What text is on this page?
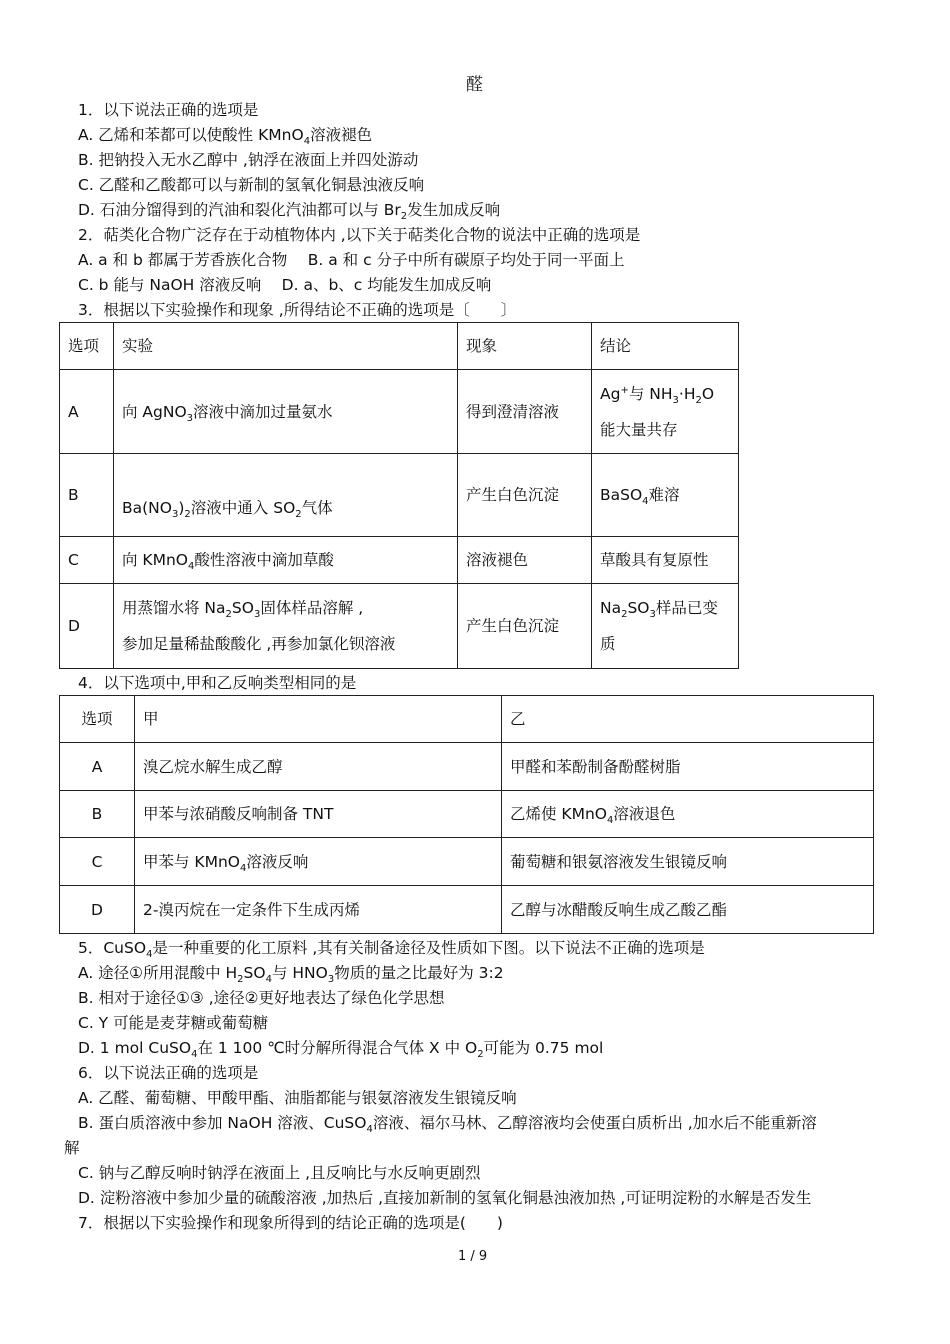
醛
1．以下说法正确的选项是
A. 乙烯和苯都可以使酸性 KMnO$_4$溶液褪色
B. 把钠投入无水乙醇中 ,钠浮在液面上并四处游动
C. 乙醛和乙酸都可以与新制的氢氧化铜悬浊液反响
D. 石油分馏得到的汽油和裂化汽油都可以与 $Br_2$发生加成反响
2．萜类化合物广泛存在于动植物体内 ,以下关于萜类化合物的说法中正确的选项是
A. a 和 b 都属于芳香族化合物　 B. a 和 c 分子中所有碳原子均处于同一平面上
C. b 能与 NaOH 溶液反响　 D. a、b、c 均能发生加成反响
3．根据以下实验操作和现象 ,所得结论不正确的选项是〔　　〕
选项	实验	现象	结论
A	向 AgNO$_3$溶液中滴加过量氨水	得到澄清溶液	Ag+与 $NH_3\cdot H_2O$
能大量共存
B	$Ba(NO_3)_2$溶液中通入 $SO_2$气体	产生白色沉淀	BaSO$_4$难溶
C	向 KMnO$_4$酸性溶液中滴加草酸	溶液褪色	草酸具有复原性
D	用蒸馏水将 $Na_2SO_3$固体样品溶解 ,
参加足量稀盐酸酸化 ,再参加氯化钡溶液	产生白色沉淀	$Na_2SO_3$样品已变
质
4．以下选项中,甲和乙反响类型相同的是
选项	甲	乙
A	溴乙烷水解生成乙醇	甲醛和苯酚制备酚醛树脂
B	甲苯与浓硝酸反响制备 TNT	乙烯使 KMnO$_4$溶液退色
C	甲苯与 KMnO$_4$溶液反响	葡萄糖和银氨溶液发生银镜反响
D	2-溴丙烷在一定条件下生成丙烯	乙醇与冰醋酸反响生成乙酸乙酯
5．CuSO$_4$是一种重要的化工原料 ,其有关制备途径及性质如下图。以下说法不正确的选项是
A. 途径①所用混酸中 $H_2SO_4$与 $HNO_3$物质的量之比最好为 3:2
B. 相对于途径①③ ,途径②更好地表达了绿色化学思想
C. Y 可能是麦芽糖或葡萄糖
D. 1 mol CuSO$_4$在 1 100 ℃时分解所得混合气体 X 中 $O_2$可能为 0.75 mol
6．以下说法正确的选项是
A. 乙醛、葡萄糖、甲酸甲酯、油脂都能与银氨溶液发生银镜反响
B. 蛋白质溶液中参加 NaOH 溶液、CuSO$_4$溶液、福尔马林、乙醇溶液均会使蛋白质析出 ,加水后不能重新溶
解
C. 钠与乙醇反响时钠浮在液面上 ,且反响比与水反响更剧烈
D. 淀粉溶液中参加少量的硫酸溶液 ,加热后 ,直接加新制的氢氧化铜悬浊液加热 ,可证明淀粉的水解是否发生
7．根据以下实验操作和现象所得到的结论正确的选项是(　　)
1 / 9
